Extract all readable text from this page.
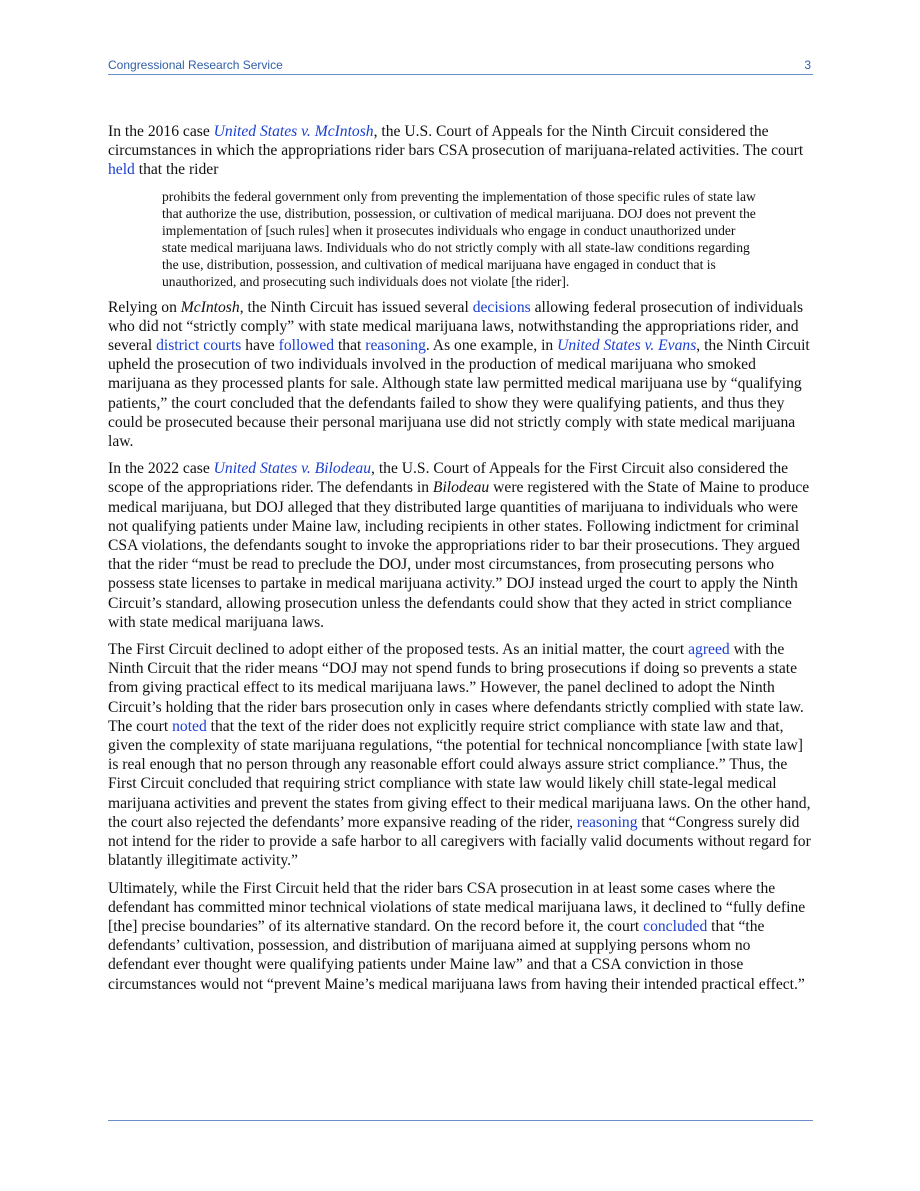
Congressional Research Service	3

In the 2016 case United States v. McIntosh, the U.S. Court of Appeals for the Ninth Circuit considered the circumstances in which the appropriations rider bars CSA prosecution of marijuana-related activities. The court held that the rider

prohibits the federal government only from preventing the implementation of those specific rules of state law that authorize the use, distribution, possession, or cultivation of medical marijuana. DOJ does not prevent the implementation of [such rules] when it prosecutes individuals who engage in conduct unauthorized under state medical marijuana laws. Individuals who do not strictly comply with all state-law conditions regarding the use, distribution, possession, and cultivation of medical marijuana have engaged in conduct that is unauthorized, and prosecuting such individuals does not violate [the rider].

Relying on McIntosh, the Ninth Circuit has issued several decisions allowing federal prosecution of individuals who did not “strictly comply” with state medical marijuana laws, notwithstanding the appropriations rider, and several district courts have followed that reasoning. As one example, in United States v. Evans, the Ninth Circuit upheld the prosecution of two individuals involved in the production of medical marijuana who smoked marijuana as they processed plants for sale. Although state law permitted medical marijuana use by “qualifying patients,” the court concluded that the defendants failed to show they were qualifying patients, and thus they could be prosecuted because their personal marijuana use did not strictly comply with state medical marijuana law.

In the 2022 case United States v. Bilodeau, the U.S. Court of Appeals for the First Circuit also considered the scope of the appropriations rider. The defendants in Bilodeau were registered with the State of Maine to produce medical marijuana, but DOJ alleged that they distributed large quantities of marijuana to individuals who were not qualifying patients under Maine law, including recipients in other states. Following indictment for criminal CSA violations, the defendants sought to invoke the appropriations rider to bar their prosecutions. They argued that the rider “must be read to preclude the DOJ, under most circumstances, from prosecuting persons who possess state licenses to partake in medical marijuana activity.” DOJ instead urged the court to apply the Ninth Circuit’s standard, allowing prosecution unless the defendants could show that they acted in strict compliance with state medical marijuana laws.

The First Circuit declined to adopt either of the proposed tests. As an initial matter, the court agreed with the Ninth Circuit that the rider means “DOJ may not spend funds to bring prosecutions if doing so prevents a state from giving practical effect to its medical marijuana laws.” However, the panel declined to adopt the Ninth Circuit’s holding that the rider bars prosecution only in cases where defendants strictly complied with state law. The court noted that the text of the rider does not explicitly require strict compliance with state law and that, given the complexity of state marijuana regulations, “the potential for technical noncompliance [with state law] is real enough that no person through any reasonable effort could always assure strict compliance.” Thus, the First Circuit concluded that requiring strict compliance with state law would likely chill state-legal medical marijuana activities and prevent the states from giving effect to their medical marijuana laws. On the other hand, the court also rejected the defendants’ more expansive reading of the rider, reasoning that “Congress surely did not intend for the rider to provide a safe harbor to all caregivers with facially valid documents without regard for blatantly illegitimate activity.”

Ultimately, while the First Circuit held that the rider bars CSA prosecution in at least some cases where the defendant has committed minor technical violations of state medical marijuana laws, it declined to “fully define [the] precise boundaries” of its alternative standard. On the record before it, the court concluded that “the defendants’ cultivation, possession, and distribution of marijuana aimed at supplying persons whom no defendant ever thought were qualifying patients under Maine law” and that a CSA conviction in those circumstances would not “prevent Maine’s medical marijuana laws from having their intended practical effect.”
